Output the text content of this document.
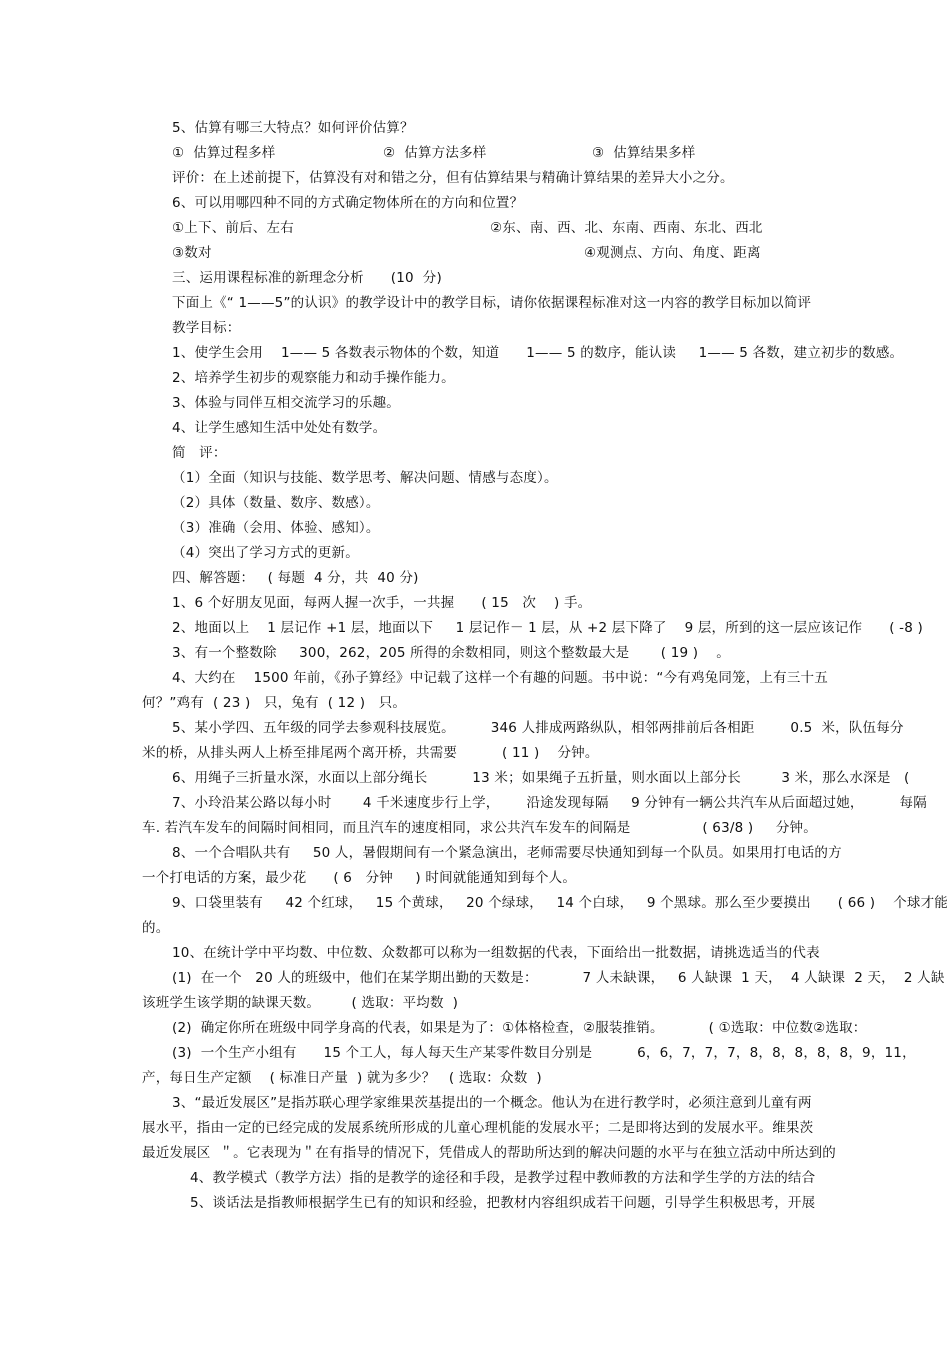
5、估算有哪三大特点？如何评价估算？
①  估算过程多样	②  估算方法多样	③  估算结果多样
评价：在上述前提下，估算没有对和错之分，但有估算结果与精确计算结果的差异大小之分。
6、可以用哪四种不同的方式确定物体所在的方向和位置？
①上下、前后、左右	②东、南、西、北、东南、西南、东北、西北
③数对	④观测点、方向、角度、距离
三、运用课程标准的新理念分析      (10  分)
下面上《“ 1——5”的认识》的教学设计中的教学目标，请你依据课程标准对这一内容的教学目标加以简评
教学目标：
1、使学生会用    1—— 5 各数表示物体的个数，知道      1—— 5 的数序，能认读     1—— 5 各数，建立初步的数感。
2、培养学生初步的观察能力和动手操作能力。
3、体验与同伴互相交流学习的乐趣。
4、让学生感知生活中处处有数学。
简   评：
（1）全面（知识与技能、数学思考、解决问题、情感与态度）。
（2）具体（数量、数序、数感）。
（3）准确（会用、体验、感知）。
（4）突出了学习方式的更新。
四、解答题：   ( 每题  4 分，共  40 分)
1、6 个好朋友见面，每两人握一次手，一共握      ( 15   次    ) 手。
2、地面以上    1 层记作 +1 层，地面以下     1 层记作－ 1 层，从 +2 层下降了    9 层，所到的这一层应该记作      ( -8 )
3、有一个整数除     300，262，205 所得的余数相同，则这个整数最大是       ( 19 )    。
4、大约在    1500 年前，《孙子算经》中记载了这样一个有趣的问题。书中说：“今有鸡兔同笼，上有三十五
何？”鸡有  ( 23 )   只，兔有  ( 12 )   只。
5、某小学四、五年级的同学去参观科技展览。        346 人排成两路纵队，相邻两排前后各相距        0.5  米，队伍每分
米的桥，从排头两人上桥至排尾两个离开桥，共需要          ( 11 )    分钟。
6、用绳子三折量水深，水面以上部分绳长          13 米；如果绳子五折量，则水面以上部分长         3 米，那么水深是   (
7、小玲沿某公路以每小时       4 千米速度步行上学，      沿途发现每隔     9 分钟有一辆公共汽车从后面超过她，        每隔
车. 若汽车发车的间隔时间相同，而且汽车的速度相同，求公共汽车发车的间隔是                ( 63/8 )     分钟。
8、一个合唱队共有     50 人，暑假期间有一个紧急演出，老师需要尽快通知到每一个队员。如果用打电话的方
一个打电话的方案，最少花      ( 6   分钟     ) 时间就能通知到每个人。
9、口袋里装有     42 个红球，   15 个黄球，   20 个绿球，   14 个白球，   9 个黑球。那么至少要摸出      ( 66 )    个球才能
的。
10、在统计学中平均数、中位数、众数都可以称为一组数据的代表，下面给出一批数据，请挑选适当的代表
(1)  在一个   20 人的班级中，他们在某学期出勤的天数是：          7 人未缺课，   6 人缺课  1 天，  4 人缺课  2 天，  2 人缺
该班学生该学期的缺课天数。       ( 选取：平均数  )
(2)  确定你所在班级中同学身高的代表，如果是为了：①体格检查，②服装推销。          ( ①选取：中位数②选取：
(3)  一个生产小组有      15 个工人，每人每天生产某零件数目分别是          6，6，7，7，7，8，8，8，8，8，9，11，
产，每日生产定额    ( 标准日产量  ) 就为多少？   ( 选取：众数  )
3、“最近发展区”是指苏联心理学家维果茨基提出的一个概念。他认为在进行教学时，必须注意到儿童有两
展水平，指由一定的已经完成的发展系统所形成的儿童心理机能的发展水平；二是即将达到的发展水平。维果茨
最近发展区  ＂。它表现为＂在有指导的情况下，凭借成人的帮助所达到的解决问题的水平与在独立活动中所达到的
4、教学模式（教学方法）指的是教学的途径和手段，是教学过程中教师教的方法和学生学的方法的结合
5、谈话法是指教师根据学生已有的知识和经验，把教材内容组织成若干问题，引导学生积极思考，开展
